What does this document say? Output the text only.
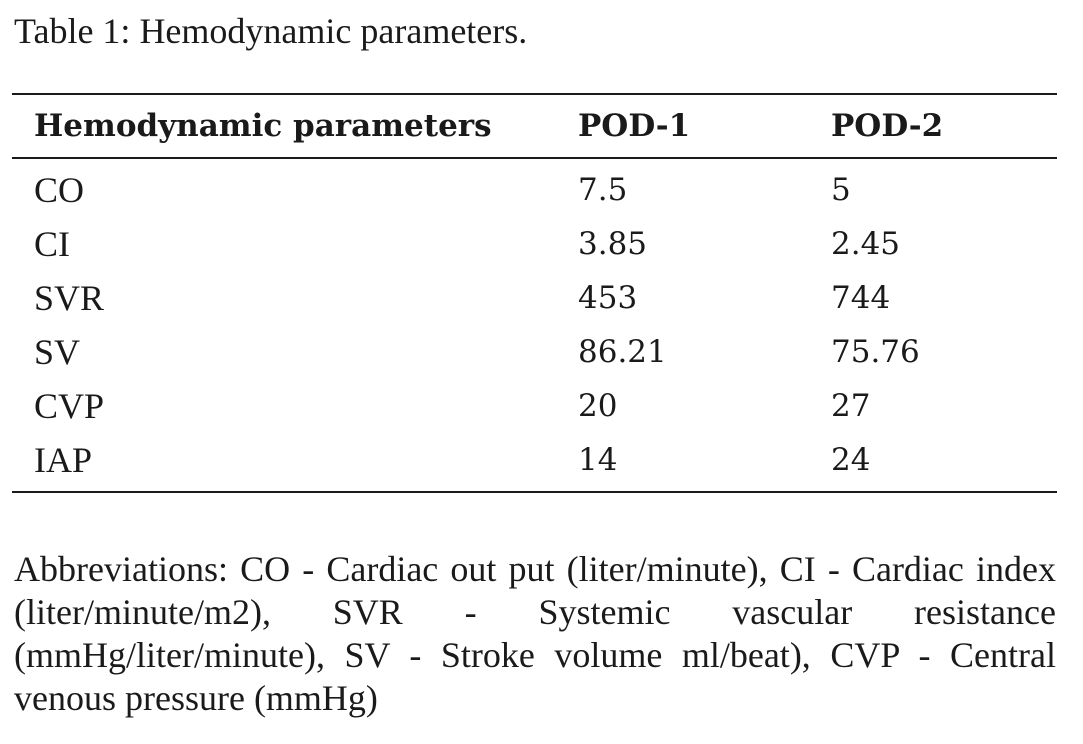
Table 1: Hemodynamic parameters.
Hemodynamic parameters	POD-1	POD-2
CO	7.5	5
CI	3.85	2.45
SVR	453	744
SV	86.21	75.76
CVP	20	27
IAP	14	24
Abbreviations: CO - Cardiac out put (liter/minute), CI - Cardiac index (liter/minute/m2), SVR - Systemic vascular resistance (mmHg/liter/minute), SV - Stroke volume ml/beat), CVP - Central venous pressure (mmHg)
